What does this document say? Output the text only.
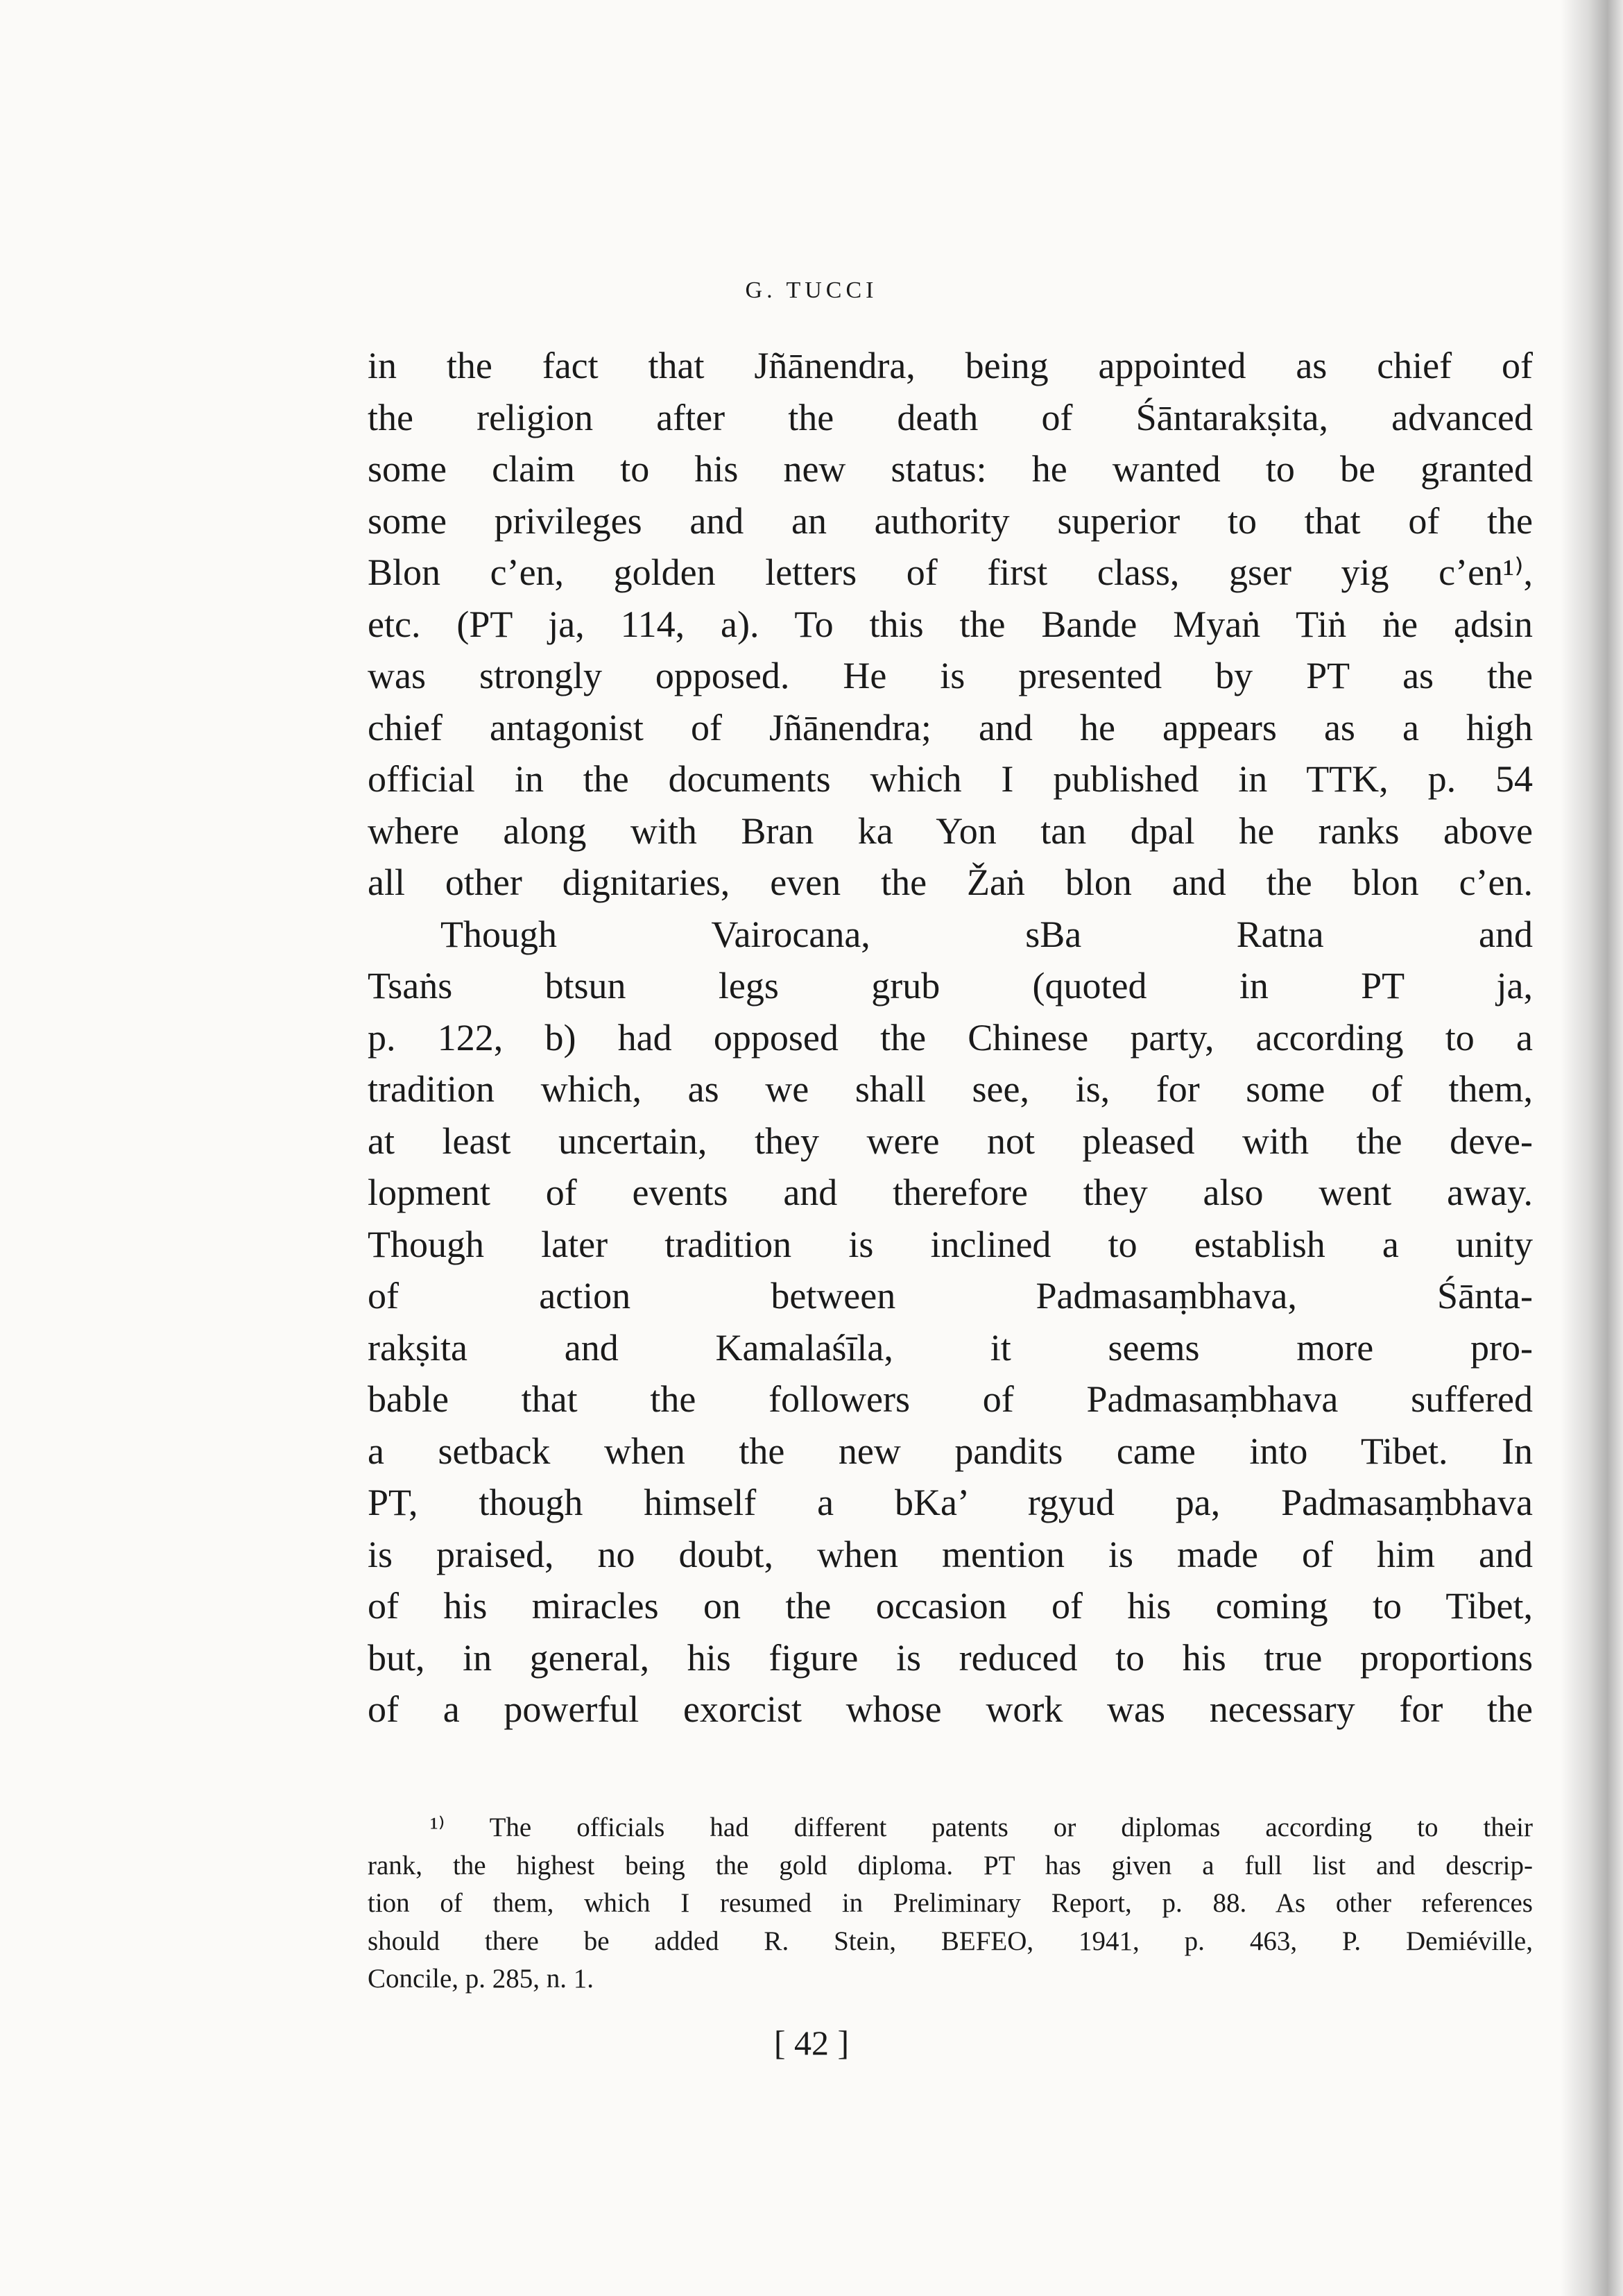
G. TUCCI
in the fact that Jñānendra, being appointed as chief of
the religion after the death of Śāntarakṣita, advanced
some claim to his new status: he wanted to be granted
some privileges and an authority superior to that of the
Blon c’en, golden letters of first class, gser yig c’en¹⁾,
etc. (PT ja, 114, a). To this the Bande Myaṅ Tiṅ ṅe ạdsin
was strongly opposed. He is presented by PT as the
chief antagonist of Jñānendra; and he appears as a high
official in the documents which I published in TTK, p. 54
where along with Bran ka Yon tan dpal he ranks above
all other dignitaries, even the Žaṅ blon and the blon c’en.
Though Vairocana, sBa Ratna and
Tsaṅs btsun legs grub (quoted in PT ja,
p. 122, b) had opposed the Chinese party, according to a
tradition which, as we shall see, is, for some of them,
at least uncertain, they were not pleased with the deve-
lopment of events and therefore they also went away.
Though later tradition is inclined to establish a unity
of action between Padmasaṃbhava, Śānta-
rakṣita and Kamalaśīla, it seems more pro-
bable that the followers of Padmasaṃbhava suffered
a setback when the new pandits came into Tibet. In
PT, though himself a bKa’ rgyud pa, Padmasaṃbhava
is praised, no doubt, when mention is made of him and
of his miracles on the occasion of his coming to Tibet,
but, in general, his figure is reduced to his true proportions
of a powerful exorcist whose work was necessary for the
¹⁾ The officials had different patents or diplomas according to their
rank, the highest being the gold diploma. PT has given a full list and descrip-
tion of them, which I resumed in Preliminary Report, p. 88. As other references
should there be added R. Stein, BEFEO, 1941, p. 463, P. Demiéville,
Concile, p. 285, n. 1.
[ 42 ]
